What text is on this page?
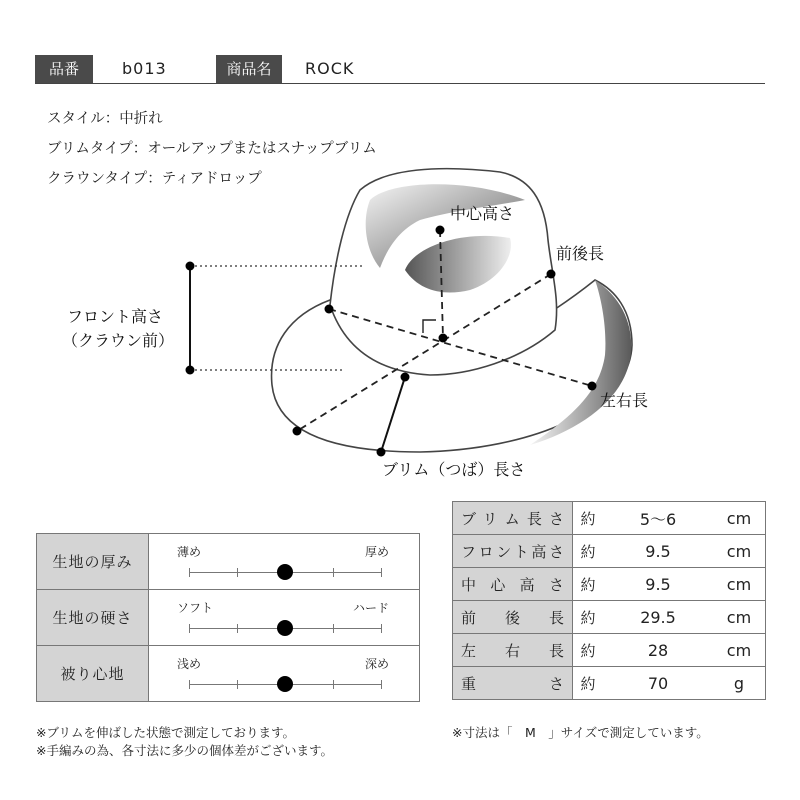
品番	b013	商品名	ROCK
スタイル：中折れ
ブリムタイプ：オールアップまたはスナップブリム
クラウンタイプ：ティアドロップ
中心高さ
前後長
フロント高さ
（クラウン前）
左右長
ブリム（つば）長さ
生地の厚み	薄め 厚め

生地の硬さ	ソフト ハード

被り心地	浅め 深め
ブリム長さ	約	5〜6	cm
フロント高さ	約	9.5	cm
中心高さ	約	9.5	cm
前後長	約	29.5	cm
左右長	約	28	cm
重さ	約	70	g
※ブリムを伸ばした状態で測定しております。
※手編みの為、各寸法に多少の個体差がございます。
※寸法は「　M　」サイズで測定しています。
